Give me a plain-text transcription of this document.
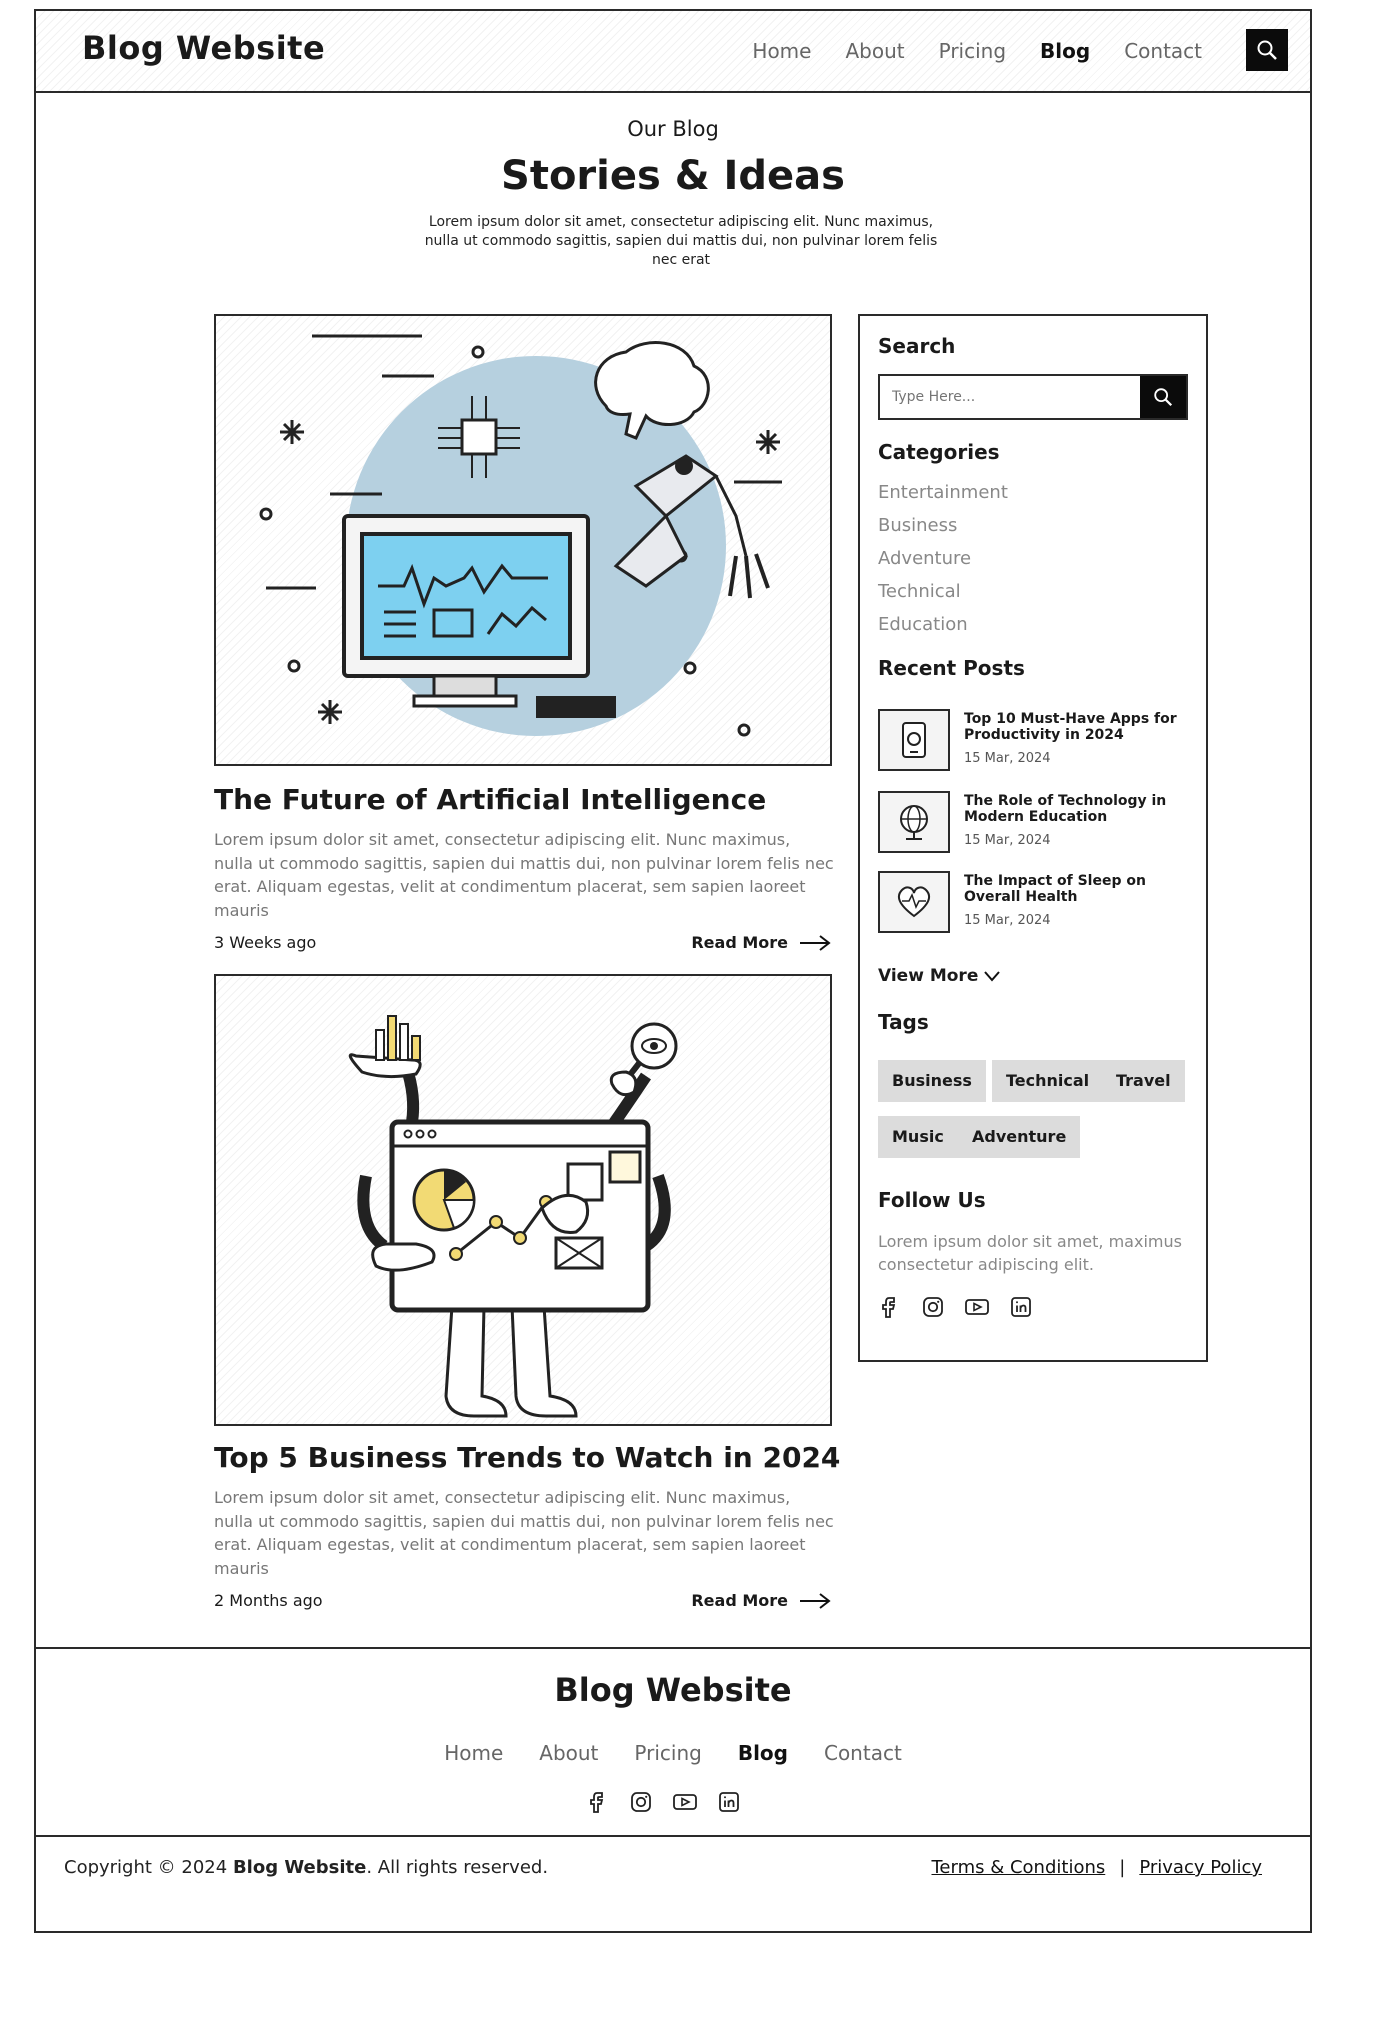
Blog Website	Home About Pricing Blog Contact
Our Blog
Stories & Ideas
Lorem ipsum dolor sit amet, consectetur adipiscing elit. Nunc maximus, nulla ut commodo sagittis, sapien dui mattis dui, non pulvinar lorem felis nec erat
The Future of Artificial Intelligence
Lorem ipsum dolor sit amet, consectetur adipiscing elit. Nunc maximus, nulla ut commodo sagittis, sapien dui mattis dui, non pulvinar lorem felis nec erat. Aliquam egestas, velit at condimentum placerat, sem sapien laoreet mauris
3 Weeks ago	Read More
Top 5 Business Trends to Watch in 2024
Lorem ipsum dolor sit amet, consectetur adipiscing elit. Nunc maximus, nulla ut commodo sagittis, sapien dui mattis dui, non pulvinar lorem felis nec erat. Aliquam egestas, velit at condimentum placerat, sem sapien laoreet mauris
2 Months ago	Read More
Search
Type Here...
Categories
Entertainment
Business
Adventure
Technical
Education
Recent Posts
Top 10 Must-Have Apps for Productivity in 2024
15 Mar, 2024
The Role of Technology in Modern Education
15 Mar, 2024
The Impact of Sleep on Overall Health
15 Mar, 2024
View More
Tags
Business	Technical	Travel
Music	Adventure
Follow Us
Lorem ipsum dolor sit amet, maximus consectetur adipiscing elit.
Blog Website
Home About Pricing Blog Contact
Copyright © 2024 Blog Website. All rights reserved.	Terms & Conditions | Privacy Policy
